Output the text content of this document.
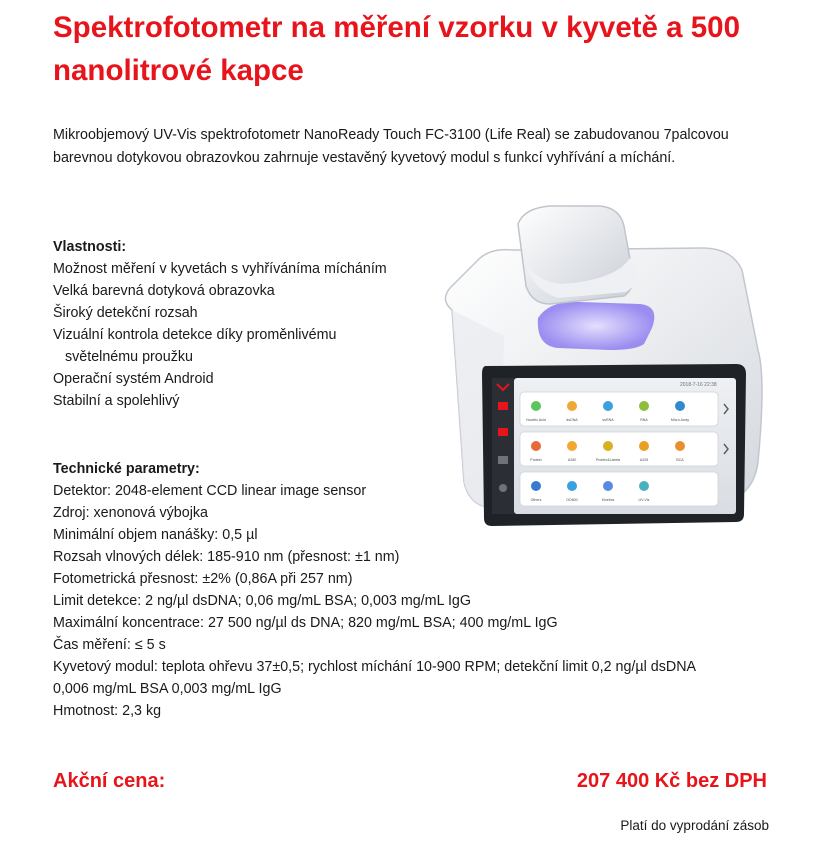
Spektrofotometr na měření vzorku v kyvetě a 500 nanolitrové kapce

Mikroobjemový UV-Vis spektrofotometr NanoReady Touch FC-3100 (Life Real) se zabudovanou 7palcovou barevnou dotykovou obrazovkou zahrnuje vestavěný kyvetový modul s funkcí vyhřívání a míchání.

Vlastnosti:
Možnost měření v kyvetách s vyhříváníma mícháním
Velká barevná dotyková obrazovka
Široký detekční rozsah
Vizuální kontrola detekce díky proměnlivému
světelnému proužku
Operační systém Android
Stabilní a spolehlivý
Technické parametry:
Detektor: 2048-element CCD linear image sensor
Zdroj: xenonová výbojka
Minimální objem nanášky: 0,5 µl
Rozsah vlnových délek: 185-910 nm (přesnost: ±1 nm)
Fotometrická přesnost: ±2% (0,86A při 257 nm)
Limit detekce: 2 ng/µl dsDNA; 0,06 mg/mL BSA; 0,003 mg/mL IgG
Maximální koncentrace: 27 500 ng/µl ds DNA; 820 mg/mL BSA; 400 mg/mL IgG
Čas měření: ≤ 5 s
Kyvetový modul: teplota ohřevu 37±0,5; rychlost míchání 10-900 RPM; detekční limit 0,2 ng/µl dsDNA
0,006 mg/mL BSA 0,003 mg/mL IgG
Hmotnost: 2,3 kg
2018-7-16 22:38
Nucleic Acid	dsDNA	ssRNA	RNA	Micro Array
Protein	A280	Protein&Labels	A205	BCA
Others	OD600	Kinetics	UV-Vis

Akční cena:	207 400 Kč bez DPH

Platí do vyprodání zásob
